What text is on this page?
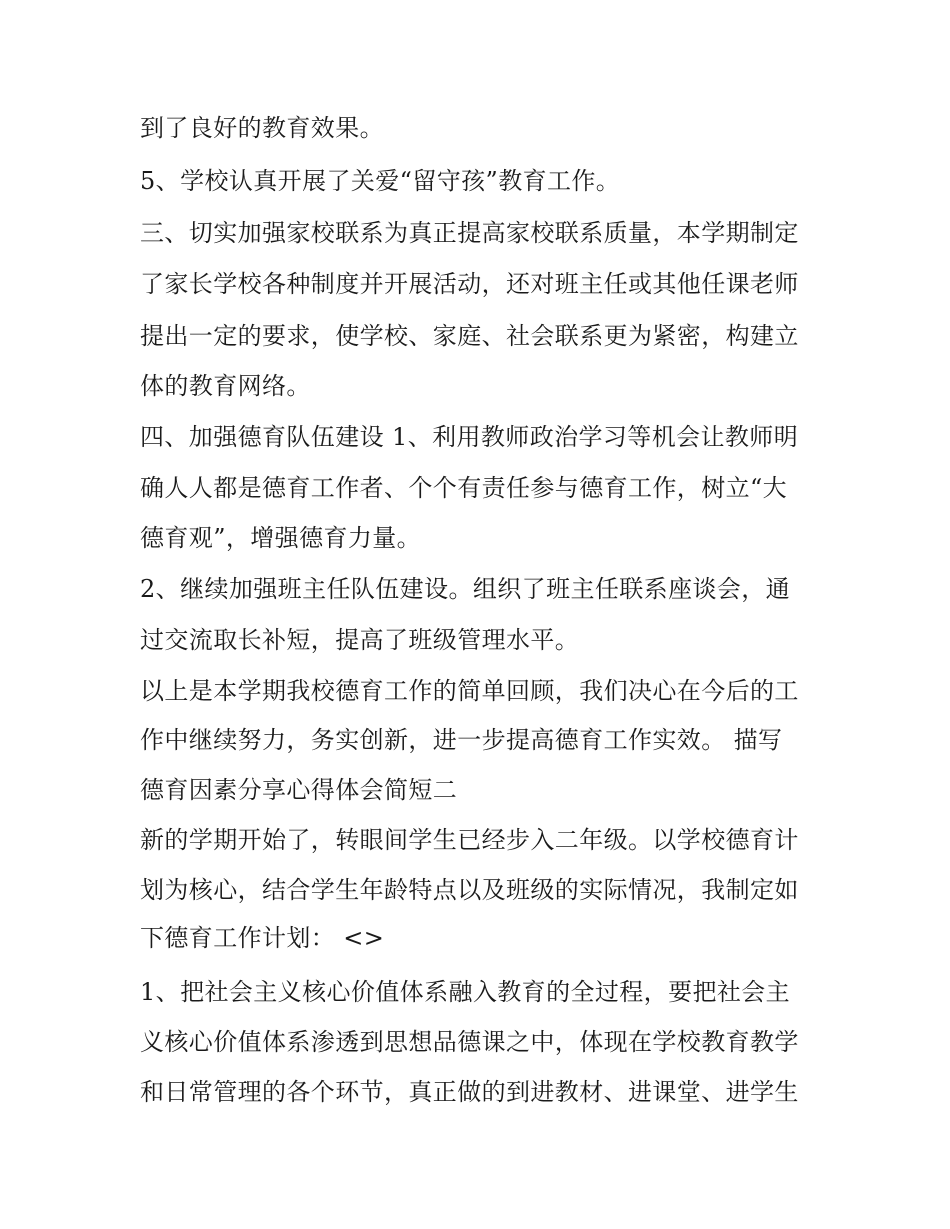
到了良好的教育效果。
5、学校认真开展了关爱“留守孩”教育工作。
三、切实加强家校联系为真正提高家校联系质量，本学期制定
了家长学校各种制度并开展活动，还对班主任或其他任课老师
提出一定的要求，使学校、家庭、社会联系更为紧密，构建立
体的教育网络。
四、加强德育队伍建设 1、利用教师政治学习等机会让教师明
确人人都是德育工作者、个个有责任参与德育工作，树立“大
德育观”，增强德育力量。
2、继续加强班主任队伍建设。组织了班主任联系座谈会，通
过交流取长补短，提高了班级管理水平。
以上是本学期我校德育工作的简单回顾，我们决心在今后的工
作中继续努力，务实创新，进一步提高德育工作实效。 描写
德育因素分享心得体会简短二
新的学期开始了，转眼间学生已经步入二年级。以学校德育计
划为核心，结合学生年龄特点以及班级的实际情况，我制定如
下德育工作计划： <>
1、把社会主义核心价值体系融入教育的全过程，要把社会主
义核心价值体系渗透到思想品德课之中，体现在学校教育教学
和日常管理的各个环节，真正做的到进教材、进课堂、进学生
